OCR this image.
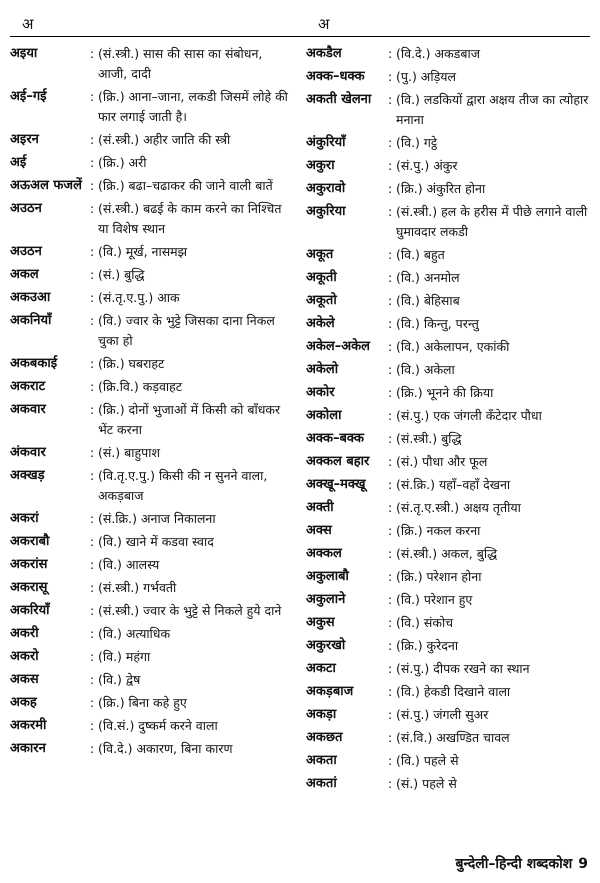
अ	अ
अइया	: (सं.स्त्री.) सास की सास का संबोधन, आजी, दादी
अई–गई	: (क्रि.) आना–जाना, लकडी जिसमें लोहे की फार लगाई जाती है।
अइरन	: (सं.स्त्री.) अहीर जाति की स्त्री
अई	: (क्रि.) अरी
अऊअल फजलें	: (क्रि.) बढा–चढाकर की जाने वाली बातें
अउठन	: (सं.स्त्री.) बढई के काम करने का निश्चित या विशेष स्थान
अउठन	: (वि.) मूर्ख, नासमझ
अकल	: (सं.) बुद्धि
अकउआ	: (सं.तृ.ए.पु.) आक
अकनियाँ	: (वि.) ज्वार के भुट्टे जिसका दाना निकल चुका हो
अकबकाई	: (क्रि.) घबराहट
अकराट	: (क्रि.वि.) कड़वाहट
अकवार	: (क्रि.) दोनों भुजाओं में किसी को बाँधकर भेंट करना
अंकवार	: (सं.) बाहुपाश
अक्खड़	: (वि.तृ.ए.पु.) किसी की न सुनने वाला, अकड़बाज
अकरां	: (सं.क्रि.) अनाज निकालना
अकराबौ	: (वि.) खाने में कडवा स्वाद
अकरांस	: (वि.) आलस्य
अकरासू	: (सं.स्त्री.) गर्भवती
अकरियाँ	: (सं.स्त्री.) ज्वार के भुट्टे से निकले हुये दाने
अकरी	: (वि.) अत्याधिक
अकरो	: (वि.) महंगा
अकस	: (वि.) द्वेष
अकह	: (क्रि.) बिना कहे हुए
अकरमी	: (वि.सं.) दुष्कर्म करने वाला
अकारन	: (वि.दे.) अकारण, बिना कारण
अकडैल	: (वि.दे.) अकडबाज
अक्क–धक्क	: (पु.) अड़ियल
अकती खेलना	: (वि.) लडकियों द्वारा अक्षय तीज का त्योहार मनाना
अंकुरियाँ	: (वि.) गट्ठे
अकुरा	: (सं.पु.) अंकुर
अकुरावो	: (क्रि.) अंकुरित होना
अकुरिया	: (सं.स्त्री.) हल के हरीस में पीछे लगाने वाली घुमावदार लकडी
अकूत	: (वि.) बहुत
अकूती	: (वि.) अनमोल
अकूतो	: (वि.) बेहिसाब
अकेले	: (वि.) किन्तु, परन्तु
अकेल–अकेल	: (वि.) अकेलापन, एकांकी
अकेलो	: (वि.) अकेला
अकोर	: (क्रि.) भूनने की क्रिया
अकोला	: (सं.पु.) एक जंगली कँटेदार पौधा
अक्क–बक्क	: (सं.स्त्री.) बुद्धि
अक्कल बहार	: (सं.) पौधा और फूल
अक्खू–मक्खू	: (सं.क्रि.) यहाँ–वहाँ देखना
अक्ती	: (सं.तृ.ए.स्त्री.) अक्षय तृतीया
अक्स	: (क्रि.) नकल करना
अक्कल	: (सं.स्त्री.) अकल, बुद्धि
अकुलाबौ	: (क्रि.) परेशान होना
अकुलाने	: (वि.) परेशान हुए
अकुस	: (वि.) संकोच
अकुरखो	: (क्रि.) कुरेदना
अकटा	: (सं.पु.) दीपक रखने का स्थान
अकड़बाज	: (वि.) हेकडी दिखाने वाला
अकड़ा	: (सं.पु.) जंगली सुअर
अकछत	: (सं.वि.) अखण्डित चावल
अकता	: (वि.) पहले से
अकतां	: (सं.) पहले से
बुन्देली–हिन्दी शब्दकोश 9
